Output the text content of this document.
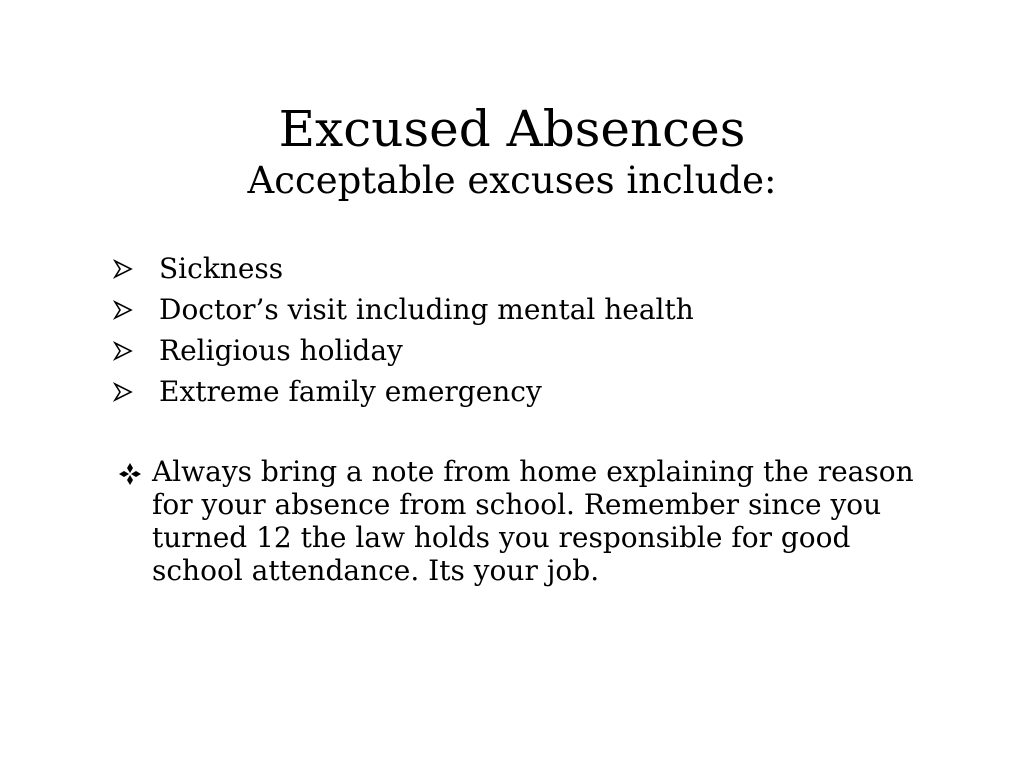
Excused Absences
Acceptable excuses include:
Sickness
Doctor’s visit including mental health
Religious holiday
Extreme family emergency
Always bring a note from home explaining the reason for your absence from school. Remember since you turned 12 the law holds you responsible for good school attendance. Its your job.
